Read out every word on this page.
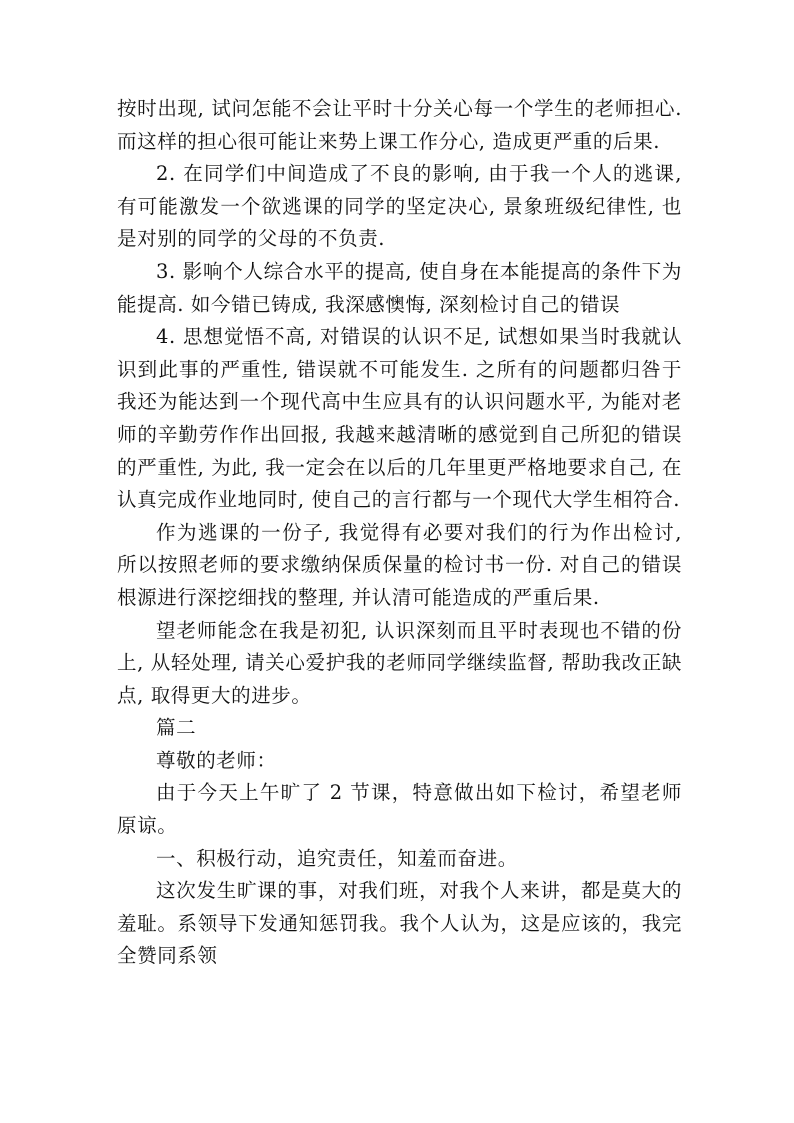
按时出现, 试问怎能不会让平时十分关心每一个学生的老师担心. 而这样的担心很可能让来势上课工作分心, 造成更严重的后果.

2. 在同学们中间造成了不良的影响, 由于我一个人的逃课, 有可能激发一个欲逃课的同学的坚定决心, 景象班级纪律性, 也是对别的同学的父母的不负责.

3. 影响个人综合水平的提高, 使自身在本能提高的条件下为能提高. 如今错已铸成, 我深感懊悔, 深刻检讨自己的错误

4. 思想觉悟不高, 对错误的认识不足, 试想如果当时我就认识到此事的严重性, 错误就不可能发生. 之所有的问题都归咎于我还为能达到一个现代高中生应具有的认识问题水平, 为能对老师的辛勤劳作作出回报, 我越来越清晰的感觉到自己所犯的错误的严重性, 为此, 我一定会在以后的几年里更严格地要求自己, 在认真完成作业地同时, 使自己的言行都与一个现代大学生相符合.

作为逃课的一份子, 我觉得有必要对我们的行为作出检讨, 所以按照老师的要求缴纳保质保量的检讨书一份. 对自己的错误根源进行深挖细找的整理, 并认清可能造成的严重后果.

望老师能念在我是初犯, 认识深刻而且平时表现也不错的份上, 从轻处理, 请关心爱护我的老师同学继续监督, 帮助我改正缺点, 取得更大的进步。

篇二

尊敬的老师：

由于今天上午旷了 2 节课，特意做出如下检讨，希望老师原谅。

一、积极行动，追究责任，知羞而奋进。

这次发生旷课的事，对我们班，对我个人来讲，都是莫大的羞耻。系领导下发通知惩罚我。我个人认为，这是应该的，我完全赞同系领
